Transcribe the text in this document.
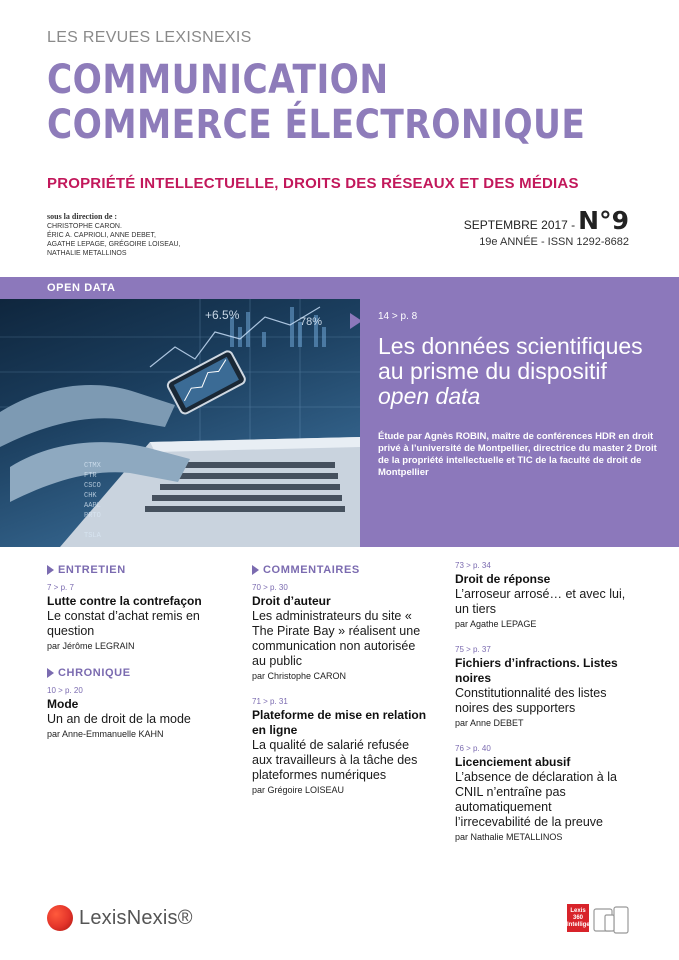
LES REVUES LEXISNEXIS
COMMUNICATION
COMMERCE ÉLECTRONIQUE
PROPRIÉTÉ INTELLECTUELLE, DROITS DES RÉSEAUX ET DES MÉDIAS
sous la direction de :
CHRISTOPHE CARON.
ÉRIC A. CAPRIOLI, ANNE DEBET,
AGATHE LEPAGE, GRÉGOIRE LOISEAU,
NATHALIE METALLINOS
SEPTEMBRE 2017 - N°9
19e ANNÉE - ISSN 1292-8682
+6.5%	78%
CTMX
FTR
CSCO
CHK
AAPL
PRTO
TSLA
OPEN DATA
14 > p. 8
Les données scientifiques
au prisme du dispositif
open data
Étude par Agnès ROBIN, maître de conférences HDR en droit privé à l’université de Montpellier, directrice du master 2 Droit de la propriété intellectuelle et TIC de la faculté de droit de Montpellier
ENTRETIEN
7 > p. 7
Lutte contre la contrefaçon
Le constat d’achat remis en question
par Jérôme LEGRAIN
CHRONIQUE
10 > p. 20
Mode
Un an de droit de la mode
par Anne-Emmanuelle KAHN
COMMENTAIRES
70 > p. 30
Droit d’auteur
Les administrateurs du site « The Pirate Bay » réalisent une communication non autorisée au public
par Christophe CARON
71 > p. 31
Plateforme de mise en relation en ligne
La qualité de salarié refusée aux travailleurs à la tâche des plateformes numériques
par Grégoire LOISEAU
73 > p. 34
Droit de réponse
L’arroseur arrosé… et avec lui, un tiers
par Agathe LEPAGE
75 > p. 37
Fichiers d’infractions. Listes noires
Constitutionnalité des listes noires des supporters
par Anne DEBET
76 > p. 40
Licenciement abusif
L’absence de déclaration à la CNIL n’entraîne pas automatiquement l’irrecevabilité de la preuve
par Nathalie METALLINOS
LexisNexis®	Lexis 360 Intelligence
